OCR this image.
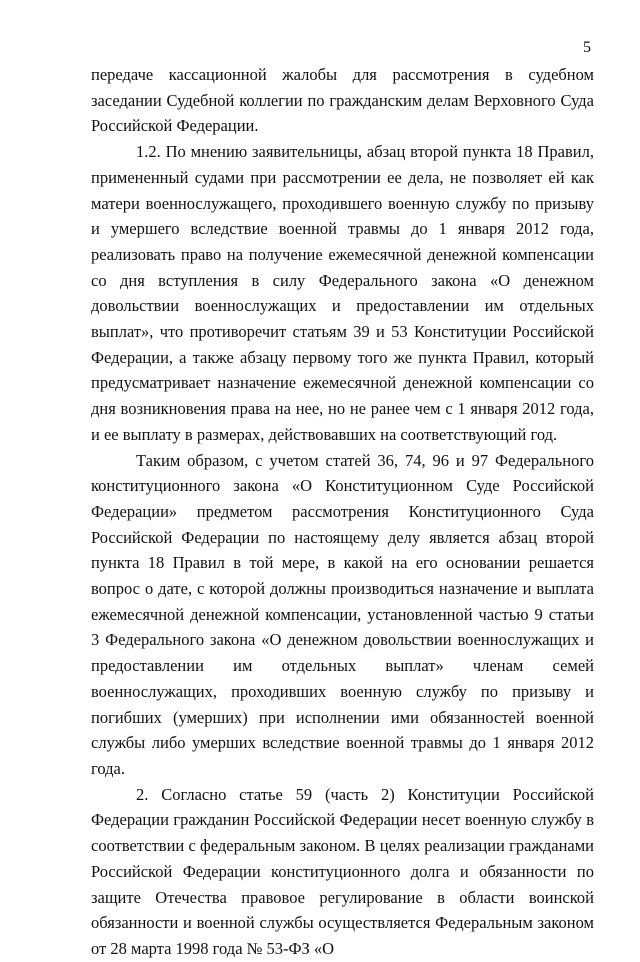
5

передаче кассационной жалобы для рассмотрения в судебном заседании Судебной коллегии по гражданским делам Верховного Суда Российской Федерации.

1.2. По мнению заявительницы, абзац второй пункта 18 Правил, примененный судами при рассмотрении ее дела, не позволяет ей как матери военнослужащего, проходившего военную службу по призыву и умершего вследствие военной травмы до 1 января 2012 года, реализовать право на получение ежемесячной денежной компенсации со дня вступления в силу Федерального закона «О денежном довольствии военнослужащих и предоставлении им отдельных выплат», что противоречит статьям 39 и 53 Конституции Российской Федерации, а также абзацу первому того же пункта Правил, который предусматривает назначение ежемесячной денежной компенсации со дня возникновения права на нее, но не ранее чем с 1 января 2012 года, и ее выплату в размерах, действовавших на соответствующий год.

Таким образом, с учетом статей 36, 74, 96 и 97 Федерального конституционного закона «О Конституционном Суде Российской Федерации» предметом рассмотрения Конституционного Суда Российской Федерации по настоящему делу является абзац второй пункта 18 Правил в той мере, в какой на его основании решается вопрос о дате, с которой должны производиться назначение и выплата ежемесячной денежной компенсации, установленной частью 9 статьи 3 Федерального закона «О денежном довольствии военнослужащих и предоставлении им отдельных выплат» членам семей военнослужащих, проходивших военную службу по призыву и погибших (умерших) при исполнении ими обязанностей военной службы либо умерших вследствие военной травмы до 1 января 2012 года.

2. Согласно статье 59 (часть 2) Конституции Российской Федерации гражданин Российской Федерации несет военную службу в соответствии с федеральным законом. В целях реализации гражданами Российской Федерации конституционного долга и обязанности по защите Отечества правовое регулирование в области воинской обязанности и военной службы осуществляется Федеральным законом от 28 марта 1998 года № 53-ФЗ «О
